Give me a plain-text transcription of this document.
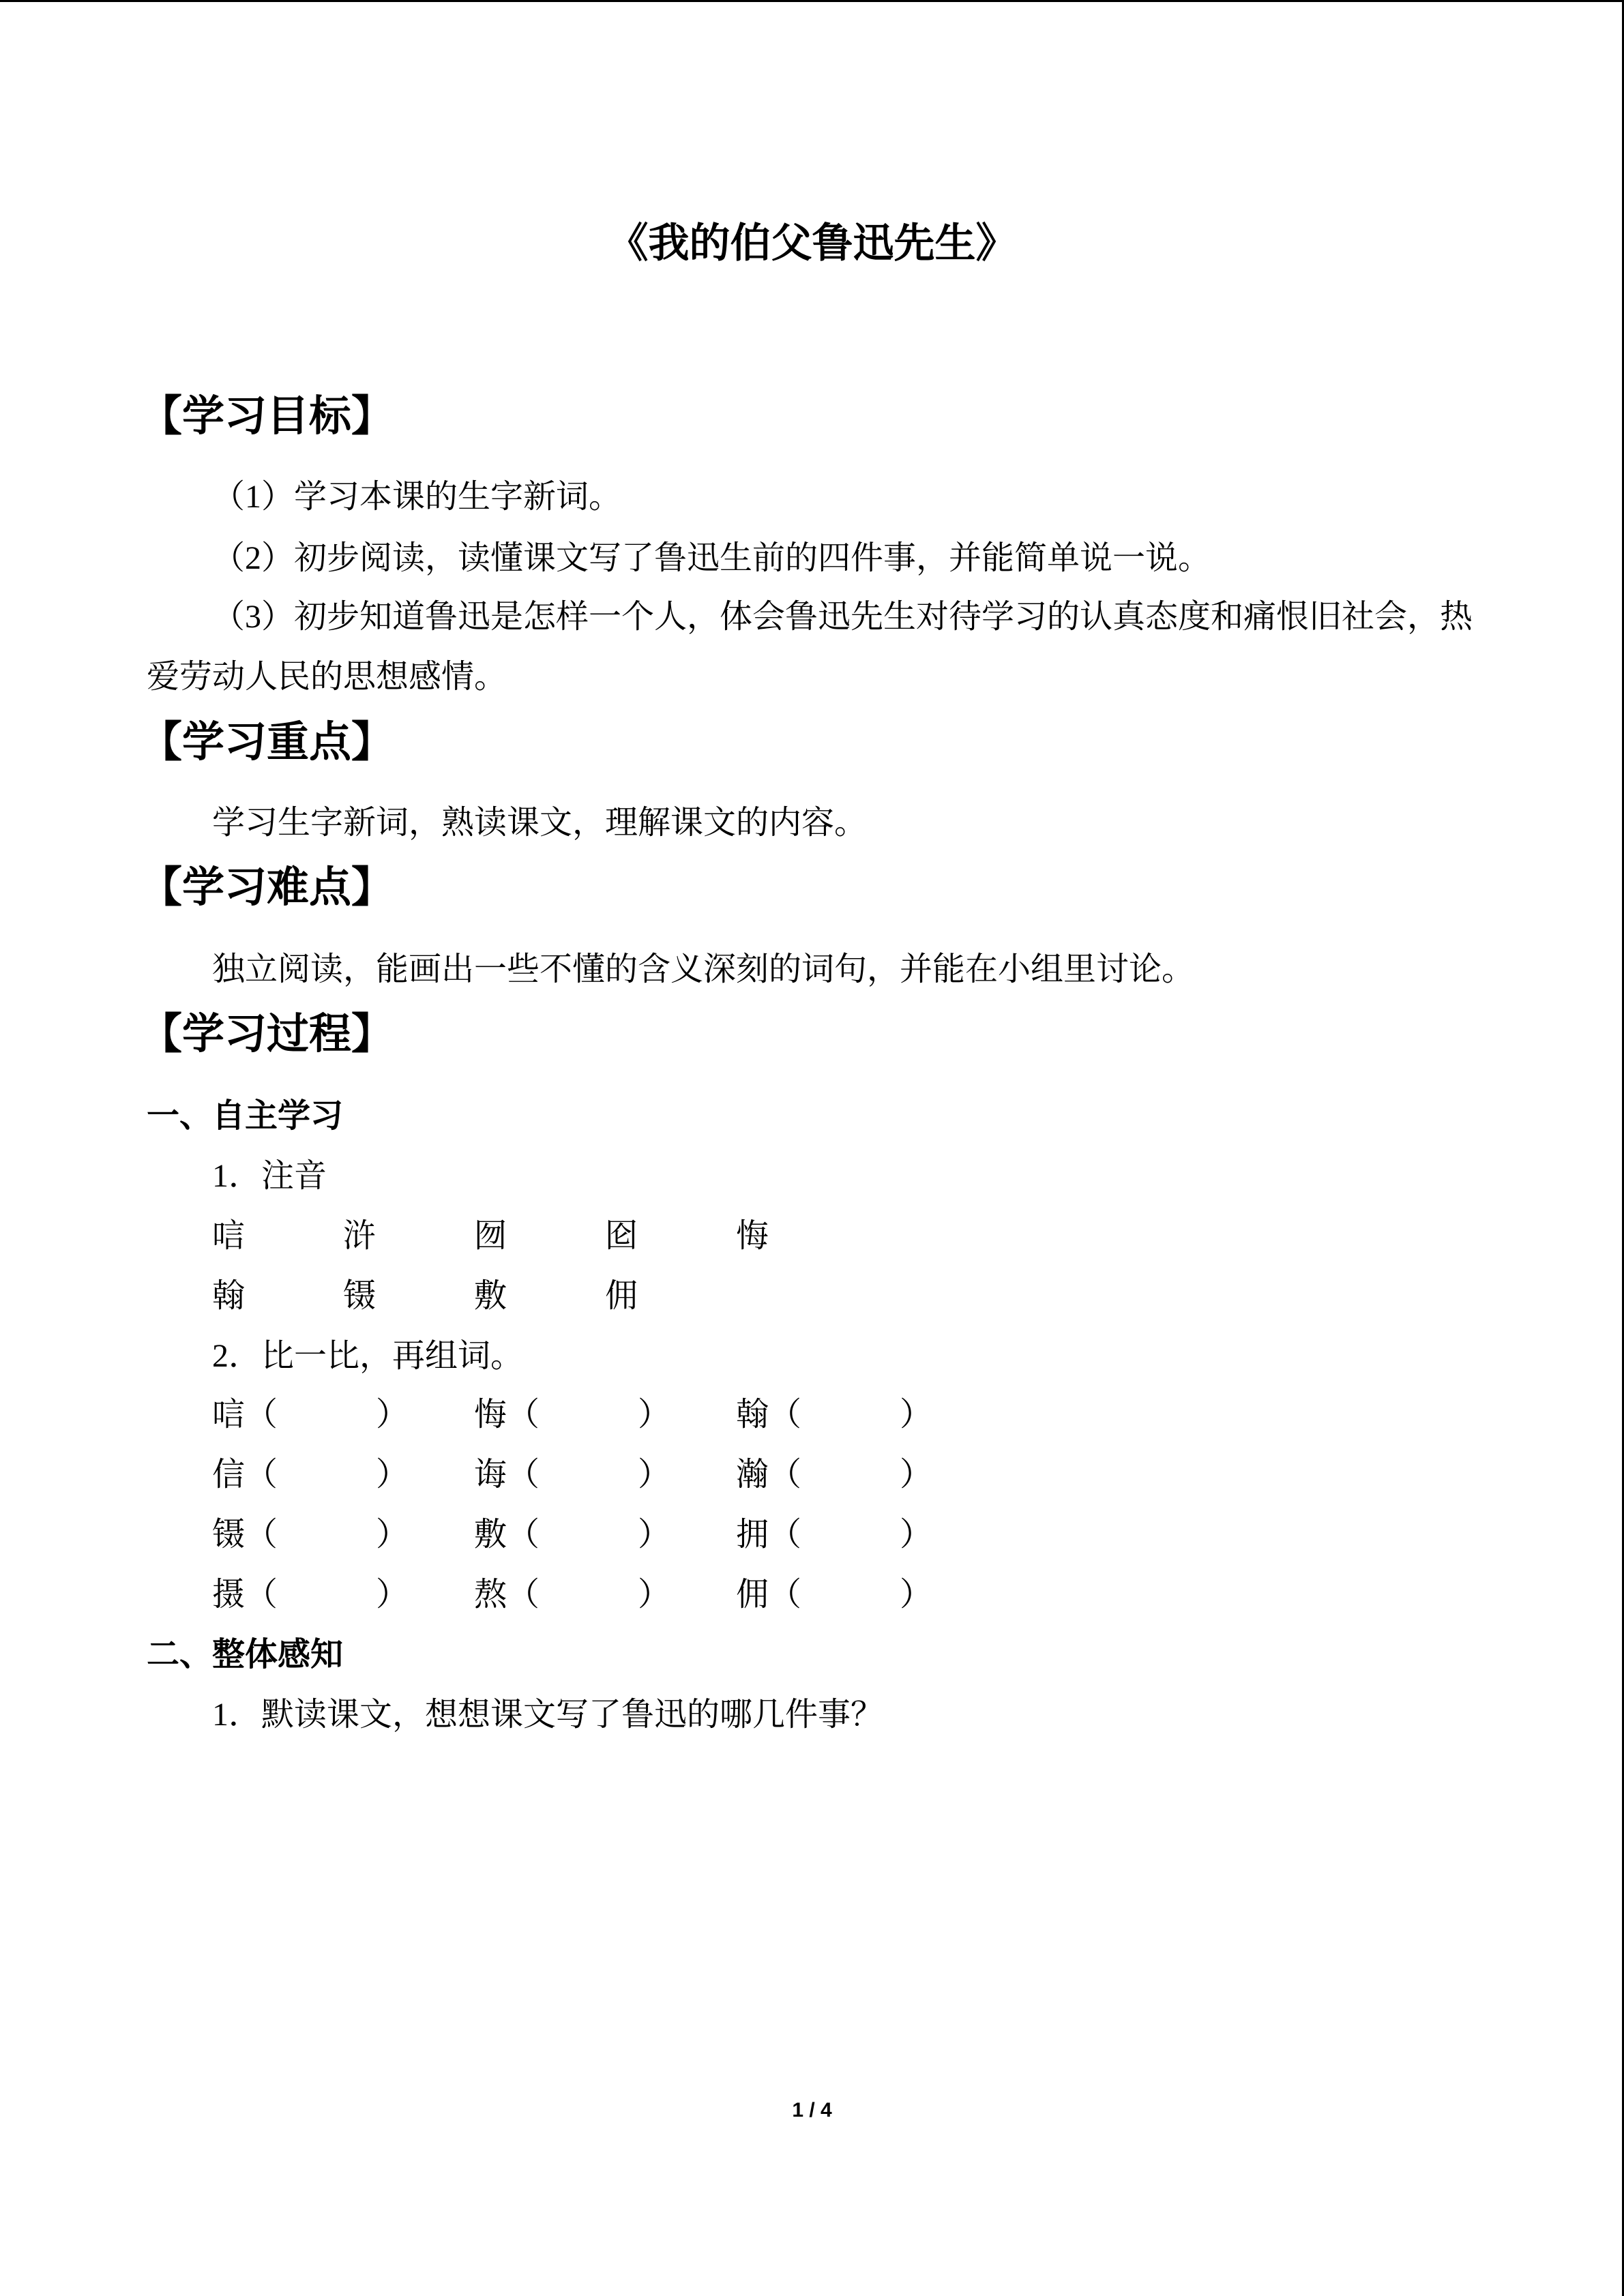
《我的伯父鲁迅先生》
【学习目标】
（1）学习本课的生字新词。
（2）初步阅读，读懂课文写了鲁迅生前的四件事，并能简单说一说。
（3）初步知道鲁迅是怎样一个人，体会鲁迅先生对待学习的认真态度和痛恨旧社会，热爱劳动人民的思想感情。
【学习重点】
学习生字新词，熟读课文，理解课文的内容。
【学习难点】
独立阅读，能画出一些不懂的含义深刻的词句，并能在小组里讨论。
【学习过程】
一、自主学习
1．注音
唁	浒	囫	囵	悔
翰	镊	敷	佣
2．比一比，再组词。
唁（　　　） 悔（　　　） 翰（　　　）
信（　　　） 诲（　　　） 瀚（　　　）
镊（　　　） 敷（　　　） 拥（　　　）
摄（　　　） 熬（　　　） 佣（　　　）
二、整体感知
1．默读课文，想想课文写了鲁迅的哪几件事？
1 / 4
